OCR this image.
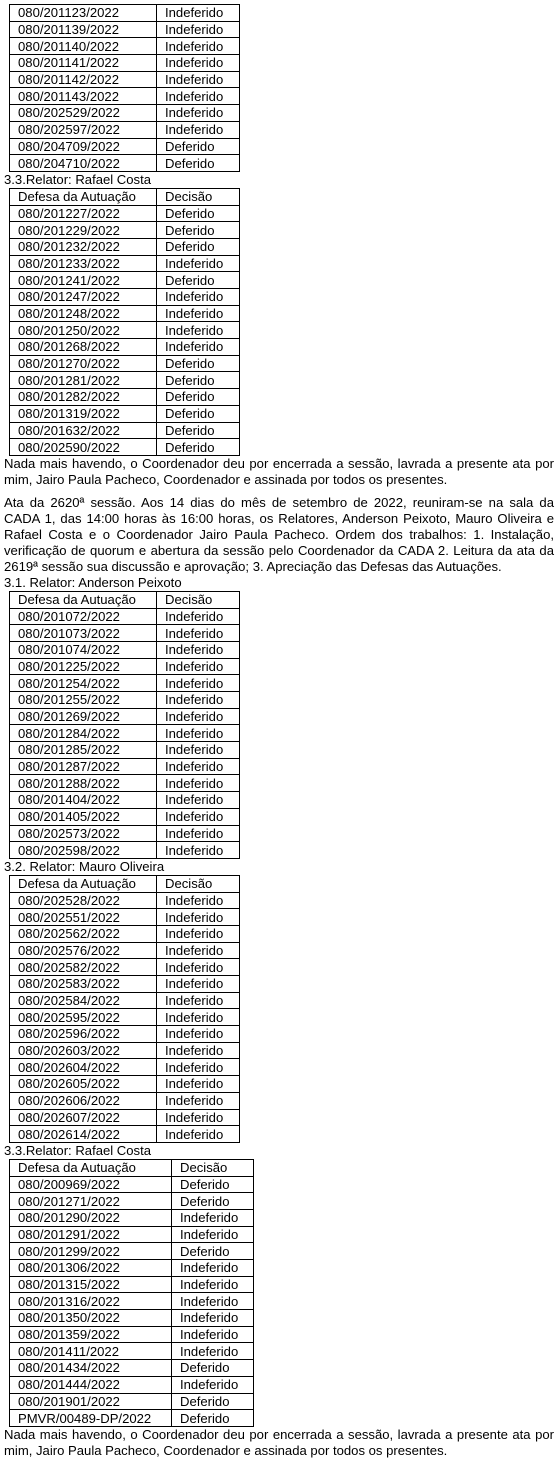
080/201123/2022	Indeferido
080/201139/2022	Indeferido
080/201140/2022	Indeferido
080/201141/2022	Indeferido
080/201142/2022	Indeferido
080/201143/2022	Indeferido
080/202529/2022	Indeferido
080/202597/2022	Indeferido
080/204709/2022	Deferido
080/204710/2022	Deferido
3.3.Relator: Rafael Costa
Defesa da Autuação	Decisão
080/201227/2022	Deferido
080/201229/2022	Deferido
080/201232/2022	Deferido
080/201233/2022	Indeferido
080/201241/2022	Deferido
080/201247/2022	Indeferido
080/201248/2022	Indeferido
080/201250/2022	Indeferido
080/201268/2022	Indeferido
080/201270/2022	Deferido
080/201281/2022	Deferido
080/201282/2022	Deferido
080/201319/2022	Deferido
080/201632/2022	Deferido
080/202590/2022	Deferido

Nada mais havendo, o Coordenador deu por encerrada a sessão, lavrada a presente ata por mim, Jairo Paula Pacheco, Coordenador e assinada por todos os presentes.

Ata da 2620ª sessão. Aos 14 dias do mês de setembro de 2022, reuniram-se na sala da CADA 1, das 14:00 horas às 16:00 horas, os Relatores, Anderson Peixoto, Mauro Oliveira e Rafael Costa e o Coordenador Jairo Paula Pacheco. Ordem dos trabalhos: 1. Instalação, verificação de quorum e abertura da sessão pelo Coordenador da CADA 2. Leitura da ata da 2619ª sessão sua discussão e aprovação; 3. Apreciação das Defesas das Autuações.

3.1. Relator: Anderson Peixoto
Defesa da Autuação	Decisão
080/201072/2022	Indeferido
080/201073/2022	Indeferido
080/201074/2022	Indeferido
080/201225/2022	Indeferido
080/201254/2022	Indeferido
080/201255/2022	Indeferido
080/201269/2022	Indeferido
080/201284/2022	Indeferido
080/201285/2022	Indeferido
080/201287/2022	Indeferido
080/201288/2022	Indeferido
080/201404/2022	Indeferido
080/201405/2022	Indeferido
080/202573/2022	Indeferido
080/202598/2022	Indeferido
3.2. Relator: Mauro Oliveira
Defesa da Autuação	Decisão
080/202528/2022	Indeferido
080/202551/2022	Indeferido
080/202562/2022	Indeferido
080/202576/2022	Indeferido
080/202582/2022	Indeferido
080/202583/2022	Indeferido
080/202584/2022	Indeferido
080/202595/2022	Indeferido
080/202596/2022	Indeferido
080/202603/2022	Indeferido
080/202604/2022	Indeferido
080/202605/2022	Indeferido
080/202606/2022	Indeferido
080/202607/2022	Indeferido
080/202614/2022	Indeferido
3.3.Relator: Rafael Costa
Defesa da Autuação	Decisão
080/200969/2022	Deferido
080/201271/2022	Deferido
080/201290/2022	Indeferido
080/201291/2022	Indeferido
080/201299/2022	Deferido
080/201306/2022	Indeferido
080/201315/2022	Indeferido
080/201316/2022	Indeferido
080/201350/2022	Indeferido
080/201359/2022	Indeferido
080/201411/2022	Indeferido
080/201434/2022	Deferido
080/201444/2022	Indeferido
080/201901/2022	Deferido
PMVR/00489-DP/2022	Deferido

Nada mais havendo, o Coordenador deu por encerrada a sessão, lavrada a presente ata por mim, Jairo Paula Pacheco, Coordenador e assinada por todos os presentes.
